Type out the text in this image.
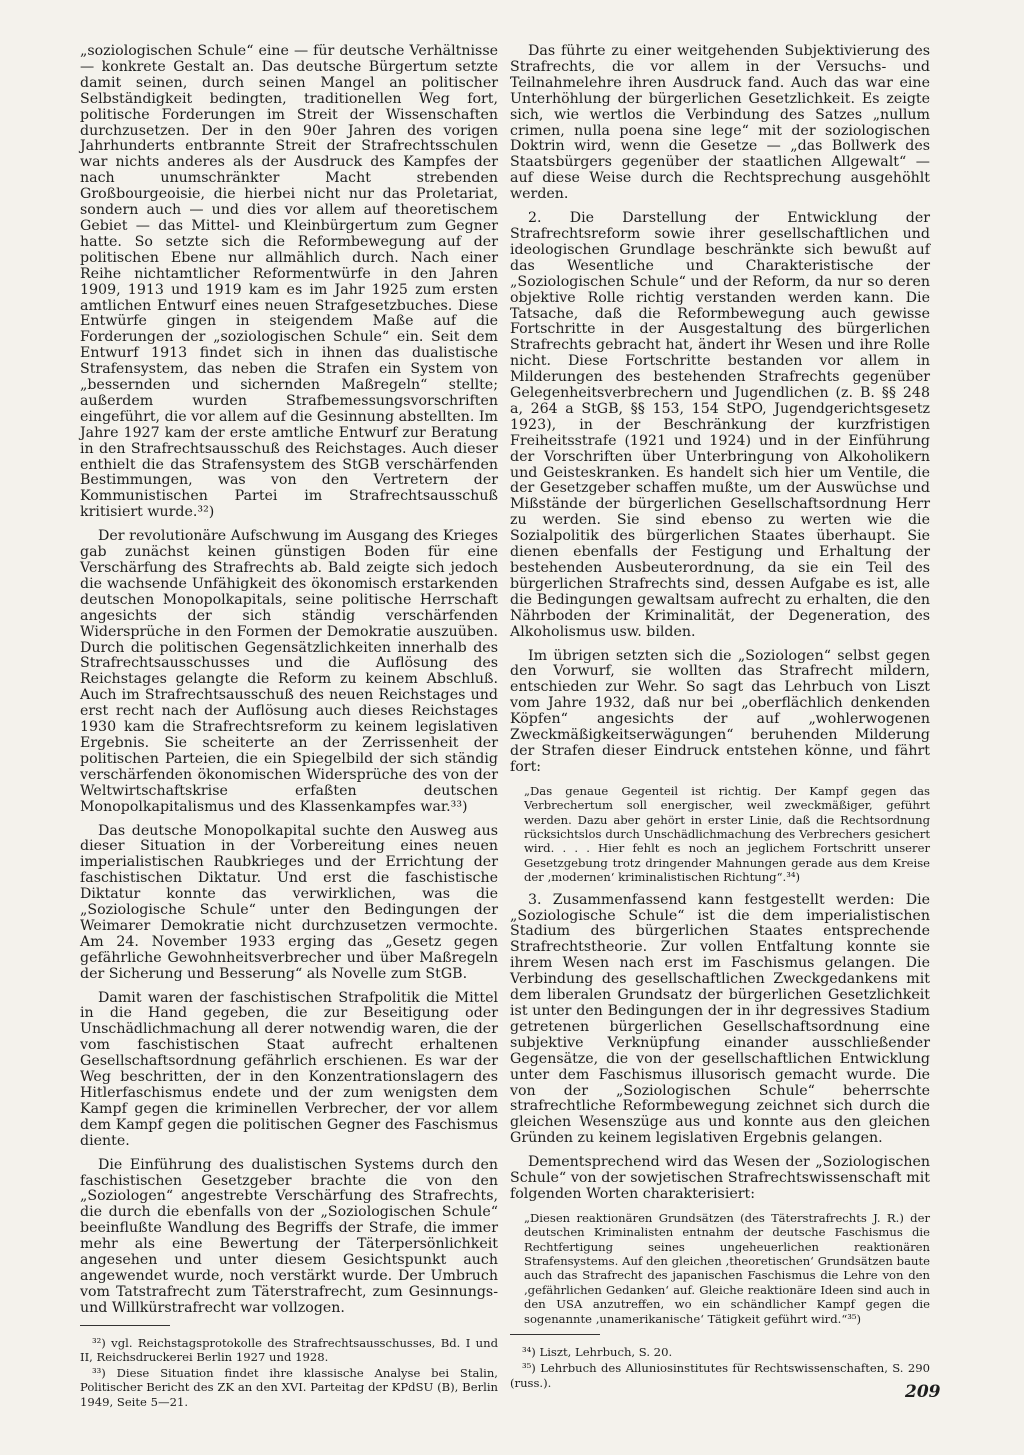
„soziologischen Schule“ eine — für deutsche Verhältnisse — konkrete Gestalt an. Das deutsche Bürgertum setzte damit seinen, durch seinen Mangel an politischer Selbständigkeit bedingten, traditionellen Weg fort, politische Forderungen im Streit der Wissenschaften durchzusetzen. Der in den 90er Jahren des vorigen Jahrhunderts entbrannte Streit der Strafrechtsschulen war nichts anderes als der Ausdruck des Kampfes der nach unumschränkter Macht strebenden Großbourgeoisie, die hierbei nicht nur das Proletariat, sondern auch — und dies vor allem auf theoretischem Gebiet — das Mittel- und Kleinbürgertum zum Gegner hatte. So setzte sich die Reformbewegung auf der politischen Ebene nur allmählich durch. Nach einer Reihe nichtamtlicher Reformentwürfe in den Jahren 1909, 1913 und 1919 kam es im Jahr 1925 zum ersten amtlichen Entwurf eines neuen Strafgesetzbuches. Diese Entwürfe gingen in steigendem Maße auf die Forderungen der „soziologischen Schule“ ein. Seit dem Entwurf 1913 findet sich in ihnen das dualistische Strafensystem, das neben die Strafen ein System von „bessernden und sichernden Maßregeln“ stellte; außerdem wurden Strafbemessungsvorschriften eingeführt, die vor allem auf die Gesinnung abstellten. Im Jahre 1927 kam der erste amtliche Entwurf zur Beratung in den Strafrechtsausschuß des Reichstages. Auch dieser enthielt die das Strafensystem des StGB verschärfenden Bestimmungen, was von den Vertretern der Kommunistischen Partei im Strafrechtsausschuß kritisiert wurde.³²)

Der revolutionäre Aufschwung im Ausgang des Krieges gab zunächst keinen günstigen Boden für eine Verschärfung des Strafrechts ab. Bald zeigte sich jedoch die wachsende Unfähigkeit des ökonomisch erstarkenden deutschen Monopolkapitals, seine politische Herrschaft angesichts der sich ständig verschärfenden Widersprüche in den Formen der Demokratie auszuüben. Durch die politischen Gegensätzlichkeiten innerhalb des Strafrechtsausschusses und die Auflösung des Reichstages gelangte die Reform zu keinem Abschluß. Auch im Strafrechtsausschuß des neuen Reichstages und erst recht nach der Auflösung auch dieses Reichstages 1930 kam die Strafrechtsreform zu keinem legislativen Ergebnis. Sie scheiterte an der Zerrissenheit der politischen Parteien, die ein Spiegelbild der sich ständig verschärfenden ökonomischen Widersprüche des von der Weltwirtschaftskrise erfaßten deutschen Monopolkapitalismus und des Klassenkampfes war.³³)

Das deutsche Monopolkapital suchte den Ausweg aus dieser Situation in der Vorbereitung eines neuen imperialistischen Raubkrieges und der Errichtung der faschistischen Diktatur. Und erst die faschistische Diktatur konnte das verwirklichen, was die „Soziologische Schule“ unter den Bedingungen der Weimarer Demokratie nicht durchzusetzen vermochte. Am 24. November 1933 erging das „Gesetz gegen gefährliche Gewohnheitsverbrecher und über Maßregeln der Sicherung und Besserung“ als Novelle zum StGB.

Damit waren der faschistischen Strafpolitik die Mittel in die Hand gegeben, die zur Beseitigung oder Unschädlichmachung all derer notwendig waren, die der vom faschistischen Staat aufrecht erhaltenen Gesellschaftsordnung gefährlich erschienen. Es war der Weg beschritten, der in den Konzentrationslagern des Hitlerfaschismus endete und der zum wenigsten dem Kampf gegen die kriminellen Verbrecher, der vor allem dem Kampf gegen die politischen Gegner des Faschismus diente.

Die Einführung des dualistischen Systems durch den faschistischen Gesetzgeber brachte die von den „Soziologen“ angestrebte Verschärfung des Strafrechts, die durch die ebenfalls von der „Soziologischen Schule“ beeinflußte Wandlung des Begriffs der Strafe, die immer mehr als eine Bewertung der Täterpersönlichkeit angesehen und unter diesem Gesichtspunkt auch angewendet wurde, noch verstärkt wurde. Der Umbruch vom Tatstrafrecht zum Täterstrafrecht, zum Gesinnungs- und Willkürstrafrecht war vollzogen.

³²) vgl. Reichstagsprotokolle des Strafrechtsausschusses, Bd. I und II, Reichsdruckerei Berlin 1927 und 1928.

³³) Diese Situation findet ihre klassische Analyse bei Stalin, Politischer Bericht des ZK an den XVI. Parteitag der KPdSU (B), Berlin 1949, Seite 5—21.

Das führte zu einer weitgehenden Subjektivierung des Strafrechts, die vor allem in der Versuchs- und Teilnahmelehre ihren Ausdruck fand. Auch das war eine Unterhöhlung der bürgerlichen Gesetzlichkeit. Es zeigte sich, wie wertlos die Verbindung des Satzes „nullum crimen, nulla poena sine lege“ mit der soziologischen Doktrin wird, wenn die Gesetze — „das Bollwerk des Staatsbürgers gegenüber der staatlichen Allgewalt“ — auf diese Weise durch die Rechtsprechung ausgehöhlt werden.

2. Die Darstellung der Entwicklung der Strafrechtsreform sowie ihrer gesellschaftlichen und ideologischen Grundlage beschränkte sich bewußt auf das Wesentliche und Charakteristische der „Soziologischen Schule“ und der Reform, da nur so deren objektive Rolle richtig verstanden werden kann. Die Tatsache, daß die Reformbewegung auch gewisse Fortschritte in der Ausgestaltung des bürgerlichen Strafrechts gebracht hat, ändert ihr Wesen und ihre Rolle nicht. Diese Fortschritte bestanden vor allem in Milderungen des bestehenden Strafrechts gegenüber Gelegenheitsverbrechern und Jugendlichen (z. B. §§ 248 a, 264 a StGB, §§ 153, 154 StPO, Jugendgerichtsgesetz 1923), in der Beschränkung der kurzfristigen Freiheitsstrafe (1921 und 1924) und in der Einführung der Vorschriften über Unterbringung von Alkoholikern und Geisteskranken. Es handelt sich hier um Ventile, die der Gesetzgeber schaffen mußte, um der Auswüchse und Mißstände der bürgerlichen Gesellschaftsordnung Herr zu werden. Sie sind ebenso zu werten wie die Sozialpolitik des bürgerlichen Staates überhaupt. Sie dienen ebenfalls der Festigung und Erhaltung der bestehenden Ausbeuterordnung, da sie ein Teil des bürgerlichen Strafrechts sind, dessen Aufgabe es ist, alle die Bedingungen gewaltsam aufrecht zu erhalten, die den Nährboden der Kriminalität, der Degeneration, des Alkoholismus usw. bilden.

Im übrigen setzten sich die „Soziologen“ selbst gegen den Vorwurf, sie wollten das Strafrecht mildern, entschieden zur Wehr. So sagt das Lehrbuch von Liszt vom Jahre 1932, daß nur bei „oberflächlich denkenden Köpfen“ angesichts der auf „wohlerwogenen Zweckmäßigkeitserwägungen“ beruhenden Milderung der Strafen dieser Eindruck entstehen könne, und fährt fort:

„Das genaue Gegenteil ist richtig. Der Kampf gegen das Verbrechertum soll energischer, weil zweckmäßiger, geführt werden. Dazu aber gehört in erster Linie, daß die Rechtsordnung rücksichtslos durch Unschädlichmachung des Verbrechers gesichert wird. . . . Hier fehlt es noch an jeglichem Fortschritt unserer Gesetzgebung trotz dringender Mahnungen gerade aus dem Kreise der ‚modernen‘ kriminalistischen Richtung“.³⁴)

3. Zusammenfassend kann festgestellt werden: Die „Soziologische Schule“ ist die dem imperialistischen Stadium des bürgerlichen Staates entsprechende Strafrechtstheorie. Zur vollen Entfaltung konnte sie ihrem Wesen nach erst im Faschismus gelangen. Die Verbindung des gesellschaftlichen Zweckgedankens mit dem liberalen Grundsatz der bürgerlichen Gesetzlichkeit ist unter den Bedingungen der in ihr degressives Stadium getretenen bürgerlichen Gesellschaftsordnung eine subjektive Verknüpfung einander ausschließender Gegensätze, die von der gesellschaftlichen Entwicklung unter dem Faschismus illusorisch gemacht wurde. Die von der „Soziologischen Schule“ beherrschte strafrechtliche Reformbewegung zeichnet sich durch die gleichen Wesenszüge aus und konnte aus den gleichen Gründen zu keinem legislativen Ergebnis gelangen.

Dementsprechend wird das Wesen der „Soziologischen Schule“ von der sowjetischen Strafrechtswissenschaft mit folgenden Worten charakterisiert:

„Diesen reaktionären Grundsätzen (des Täterstrafrechts J. R.) der deutschen Kriminalisten entnahm der deutsche Faschismus die Rechtfertigung seines ungeheuerlichen reaktionären Strafensystems. Auf den gleichen ‚theoretischen‘ Grundsätzen baute auch das Strafrecht des japanischen Faschismus die Lehre von den ‚gefährlichen Gedanken‘ auf. Gleiche reaktionäre Ideen sind auch in den USA anzutreffen, wo ein schändlicher Kampf gegen die sogenannte ‚unamerikanische‘ Tätigkeit geführt wird.“³⁵)

³⁴) Liszt, Lehrbuch, S. 20.

³⁵) Lehrbuch des Alluniosinstitutes für Rechtswissenschaften, S. 290 (russ.).	209
